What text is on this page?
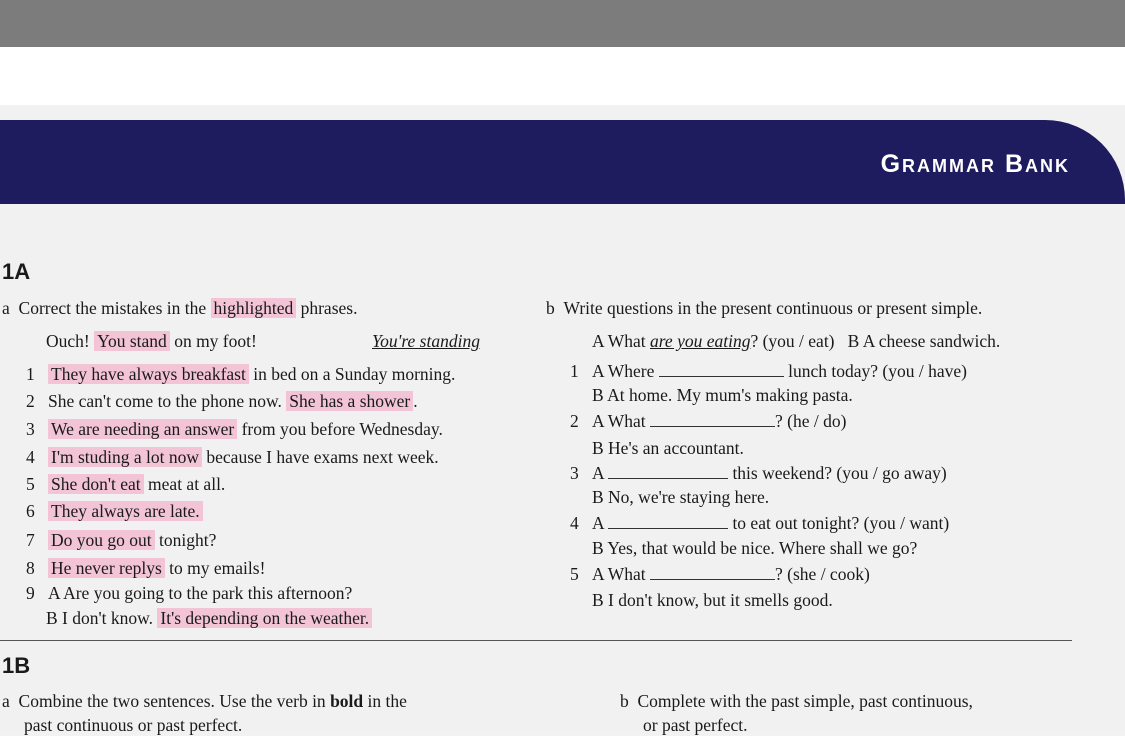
Grammar Bank
1A
a Correct the mistakes in the highlighted phrases.
Ouch! You stand on my foot!	You're standing
1 They have always breakfast in bed on a Sunday morning.
2 She can't come to the phone now. She has a shower .
3 We are needing an answer from you before Wednesday.
4 I'm studing a lot now because I have exams next week.
5 She don't eat meat at all.
6 They always are late.
7 Do you go out tonight?
8 He never replys to my emails!
9 A Are you going to the park this afternoon?
B I don't know. It's depending on the weather.
b Write questions in the present continuous or present simple.
A What are you eating? (you / eat) B A cheese sandwich.
1 A Where	lunch today? (you / have)
B At home. My mum's making pasta.
2 A What	? (he / do)
B He's an accountant.
3 A	this weekend? (you / go away)
B No, we're staying here.
4 A	to eat out tonight? (you / want)
B Yes, that would be nice. Where shall we go?
5 A What	? (she / cook)
B I don't know, but it smells good.
1B
a Combine the two sentences. Use the verb in bold in the
past continuous or past perfect.
b Complete with the past simple, past continuous,
or past perfect.
